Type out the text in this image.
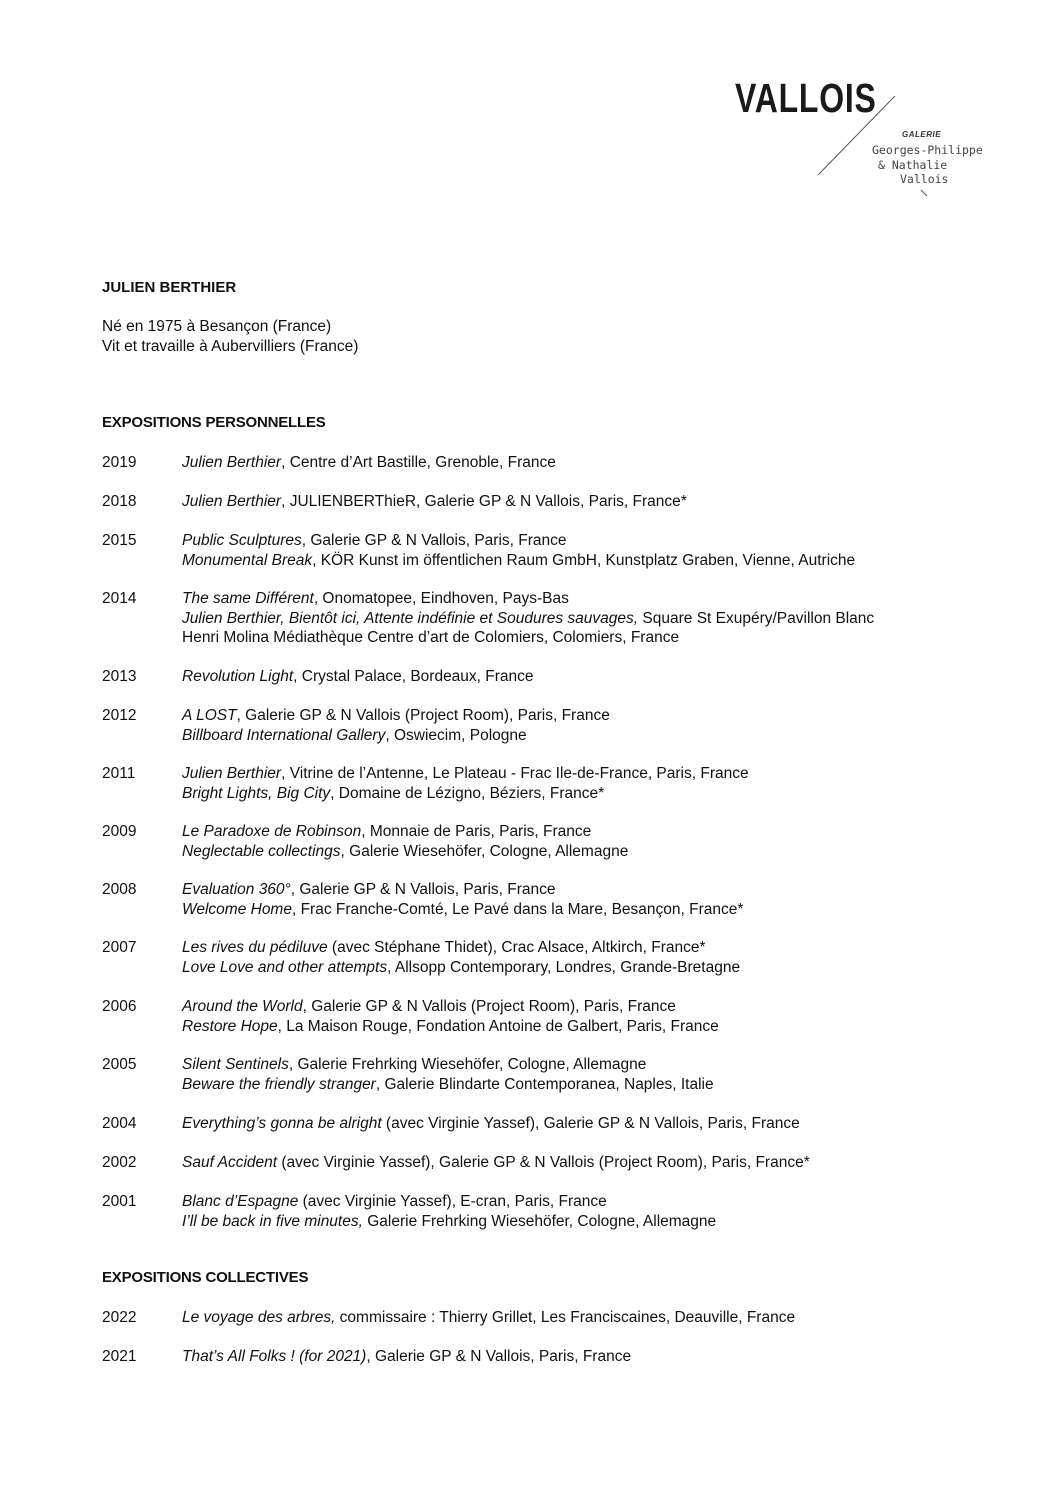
VALLOIS
GALERIE
Georges-Philippe
& Nathalie
Vallois
JULIEN BERTHIER
Né en 1975 à Besançon (France)
Vit et travaille à Aubervilliers (France)
EXPOSITIONS PERSONNELLES
EXPOSITIONS COLLECTIVES
2019	Julien Berthier, Centre d’Art Bastille, Grenoble, France
2018	Julien Berthier, JULIENBERThieR, Galerie GP & N Vallois, Paris, France*
2015	Public Sculptures, Galerie GP & N Vallois, Paris, France
Monumental Break, KÖR Kunst im öffentlichen Raum GmbH, Kunstplatz Graben, Vienne, Autriche
2014	The same Différent, Onomatopee, Eindhoven, Pays-Bas
Julien Berthier, Bientôt ici, Attente indéfinie et Soudures sauvages, Square St Exupéry/Pavillon Blanc
Henri Molina Médiathèque Centre d’art de Colomiers, Colomiers, France
2013	Revolution Light, Crystal Palace, Bordeaux, France
2012	A LOST, Galerie GP & N Vallois (Project Room), Paris, France
Billboard International Gallery, Oswiecim, Pologne
2011	Julien Berthier, Vitrine de l’Antenne, Le Plateau - Frac Ile-de-France, Paris, France
Bright Lights, Big City, Domaine de Lézigno, Béziers, France*
2009	Le Paradoxe de Robinson, Monnaie de Paris, Paris, France
Neglectable collectings, Galerie Wiesehöfer, Cologne, Allemagne
2008	Evaluation 360°, Galerie GP & N Vallois, Paris, France
Welcome Home, Frac Franche-Comté, Le Pavé dans la Mare, Besançon, France*
2007	Les rives du pédiluve (avec Stéphane Thidet), Crac Alsace, Altkirch, France*
Love Love and other attempts, Allsopp Contemporary, Londres, Grande-Bretagne
2006	Around the World, Galerie GP & N Vallois (Project Room), Paris, France
Restore Hope, La Maison Rouge, Fondation Antoine de Galbert, Paris, France
2005	Silent Sentinels, Galerie Frehrking Wiesehöfer, Cologne, Allemagne
Beware the friendly stranger, Galerie Blindarte Contemporanea, Naples, Italie
2004	Everything’s gonna be alright (avec Virginie Yassef), Galerie GP & N Vallois, Paris, France
2002	Sauf Accident (avec Virginie Yassef), Galerie GP & N Vallois (Project Room), Paris, France*
2001	Blanc d’Espagne (avec Virginie Yassef), E-cran, Paris, France
I’ll be back in five minutes, Galerie Frehrking Wiesehöfer, Cologne, Allemagne
2022	Le voyage des arbres, commissaire : Thierry Grillet, Les Franciscaines, Deauville, France
2021	That’s All Folks ! (for 2021), Galerie GP & N Vallois, Paris, France
